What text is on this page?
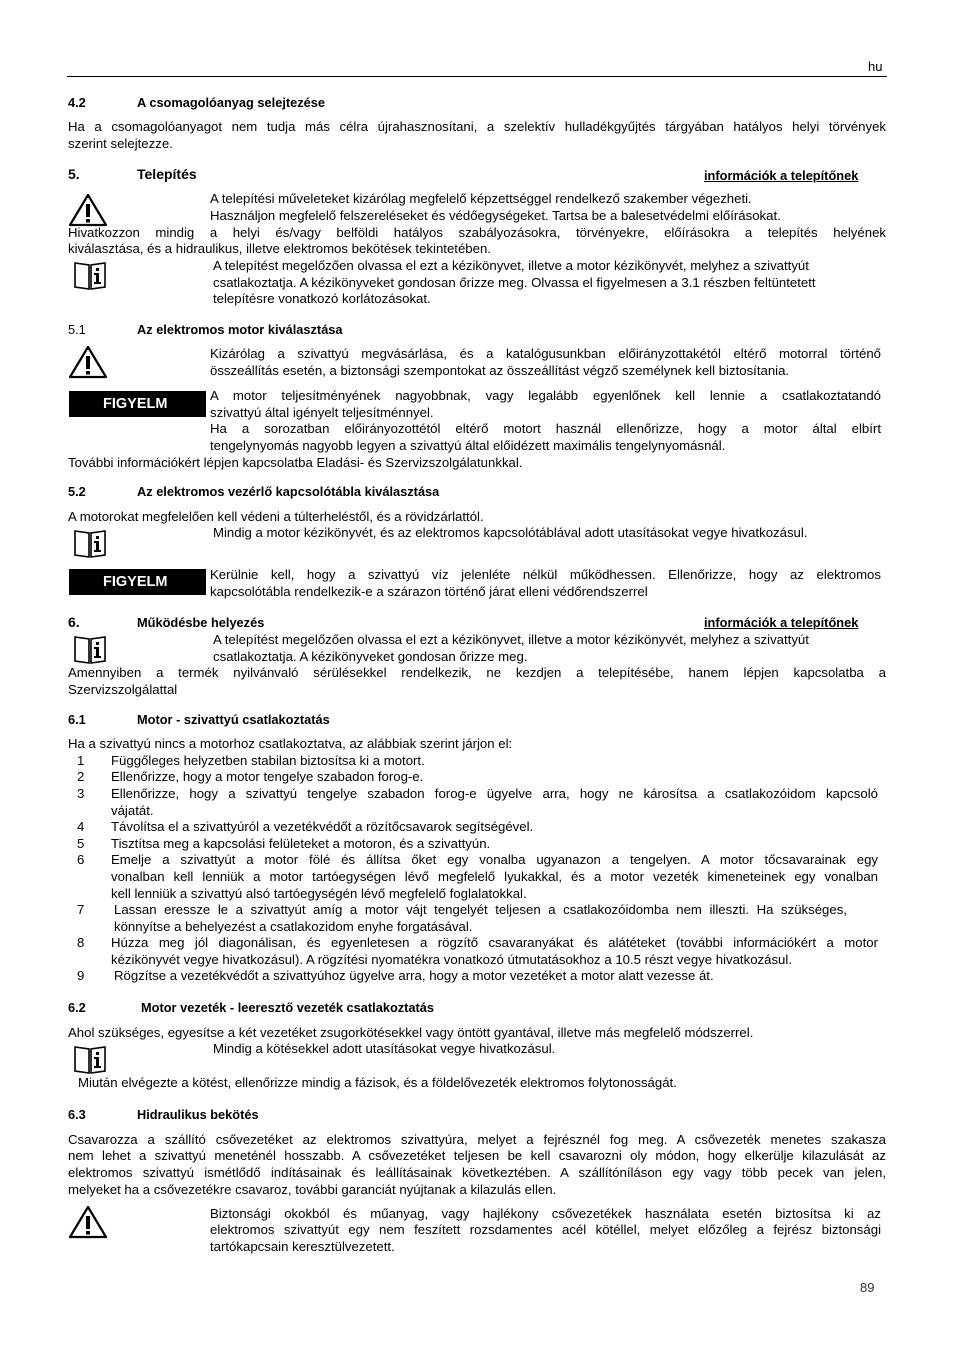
hu
4.2	A csomagolóanyag selejtezése
Ha a csomagolóanyagot nem tudja más célra újrahasznosítani, a szelektív hulladékgyűjtés tárgyában hatályos helyi törvények
szerint selejtezze.
5.	Telepítés	információk a telepítőnek
A telepítési műveleteket kizárólag megfelelő képzettséggel rendelkező szakember végezheti.
Használjon megfelelő felszereléseket és védőegységeket. Tartsa be a balesetvédelmi előírásokat.
Hivatkozzon mindig a helyi és/vagy belföldi hatályos szabályozásokra, törvényekre, előírásokra a telepítés helyének
kiválasztása, és a hidraulikus, illetve elektromos bekötések tekintetében.
A telepítést megelőzően olvassa el ezt a kézikönyvet, illetve a motor kézikönyvét, melyhez a szivattyút
csatlakoztatja. A kézikönyveket gondosan őrizze meg. Olvassa el figyelmesen a 3.1 részben feltüntetett
telepítésre vonatkozó korlátozásokat.
5.1	Az elektromos motor kiválasztása
Kizárólag a szivattyú megvásárlása, és a katalógusunkban előirányzottakétól eltérő motorral történő
összeállítás esetén, a biztonsági szempontokat az összeállítást végző személynek kell biztosítania.
FIGYELM
A motor teljesítményének nagyobbnak, vagy legalább egyenlőnek kell lennie a csatlakoztatandó
szivattyú által igényelt teljesítménnyel.
Ha a sorozatban előirányozottétól eltérő motort használ ellenőrizze, hogy a motor által elbírt
tengelynyomás nagyobb legyen a szivattyú által előidézett maximális tengelynyomásnál.
További információkért lépjen kapcsolatba Eladási- és Szervizszolgálatunkkal.
5.2	Az elektromos vezérlő kapcsolótábla kiválasztása
A motorokat megfelelően kell védeni a túlterheléstől, és a rövidzárlattól.
Mindig a motor kézikönyvét, és az elektromos kapcsolótáblával adott utasításokat vegye hivatkozásul.
FIGYELM	Kerülnie kell, hogy a szivattyú víz jelenléte nélkül működhessen. Ellenőrizze, hogy az elektromos
kapcsolótábla rendelkezik-e a szárazon történő járat elleni védőrendszerrel
6.	Működésbe helyezés	információk a telepítőnek
A telepítést megelőzően olvassa el ezt a kézikönyvet, illetve a motor kézikönyvét, melyhez a szivattyút
csatlakoztatja. A kézikönyveket gondosan őrizze meg.
Amennyiben a termék nyilvánvaló sérülésekkel rendelkezik, ne kezdjen a telepítésébe, hanem lépjen kapcsolatba a
Szervizszolgálattal
6.1	Motor - szivattyú csatlakoztatás
Ha a szivattyú nincs a motorhoz csatlakoztatva, az alábbiak szerint járjon el:
1 Függőleges helyzetben stabilan biztosítsa ki a motort.
2 Ellenőrizze, hogy a motor tengelye szabadon forog-e.
3 Ellenőrizze, hogy a szivattyú tengelye szabadon forog-e ügyelve arra, hogy ne károsítsa a csatlakozóidom kapcsoló
vájatát.
4 Távolítsa el a szivattyúról a vezetékvédőt a rözítőcsavarok segítségével.
5 Tisztítsa meg a kapcsolási felületeket a motoron, és a szivattyún.
6 Emelje a szivattyút a motor fölé és állítsa őket egy vonalba ugyanazon a tengelyen. A motor tőcsavarainak egy
vonalban kell lenniük a motor tartóegységen lévő megfelelő lyukakkal, és a motor vezeték kimeneteinek egy vonalban
kell lenniük a szivattyú alsó tartóegységén lévő megfelelő foglalatokkal.
7 Lassan eressze le a szivattyút amíg a motor vájt tengelyét teljesen a csatlakozóidomba nem illeszti. Ha szükséges,
könnyítse a behelyezést a csatlakozidom enyhe forgatásával.
8 Húzza meg jól diagonálisan, és egyenletesen a rögzítő csavaranyákat és alátéteket (további információkért a motor
kézikönyvét vegye hivatkozásul). A rögzítési nyomatékra vonatkozó útmutatásokhoz a 10.5 részt vegye hivatkozásul.
9 Rögzítse a vezetékvédőt a szivattyúhoz ügyelve arra, hogy a motor vezetéket a motor alatt vezesse át.
6.2	Motor vezeték - leeresztő vezeték csatlakoztatás
Ahol szükséges, egyesítse a két vezetéket zsugorkötésekkel vagy öntött gyantával, illetve más megfelelő módszerrel.
Mindig a kötésekkel adott utasításokat vegye hivatkozásul.
Miután elvégezte a kötést, ellenőrizze mindig a fázisok, és a földelővezeték elektromos folytonosságát.
6.3	Hidraulikus bekötés
Csavarozza a szállító csővezetéket az elektromos szivattyúra, melyet a fejrésznél fog meg. A csővezeték menetes szakasza
nem lehet a szivattyú meneténél hosszabb. A csővezetéket teljesen be kell csavarozni oly módon, hogy elkerülje kilazulását az
elektromos szivattyú ismétlődő indításainak és leállításainak következtében. A szállítóníláson egy vagy több pecek van jelen,
melyeket ha a csővezetékre csavaroz, további garanciát nyújtanak a kilazulás ellen.
Biztonsági okokból és műanyag, vagy hajlékony csővezetékek használata esetén biztosítsa ki az
elektromos szivattyút egy nem feszített rozsdamentes acél kötéllel, melyet előzőleg a fejrész biztonsági
tartókapcsain keresztülvezetett.
89
